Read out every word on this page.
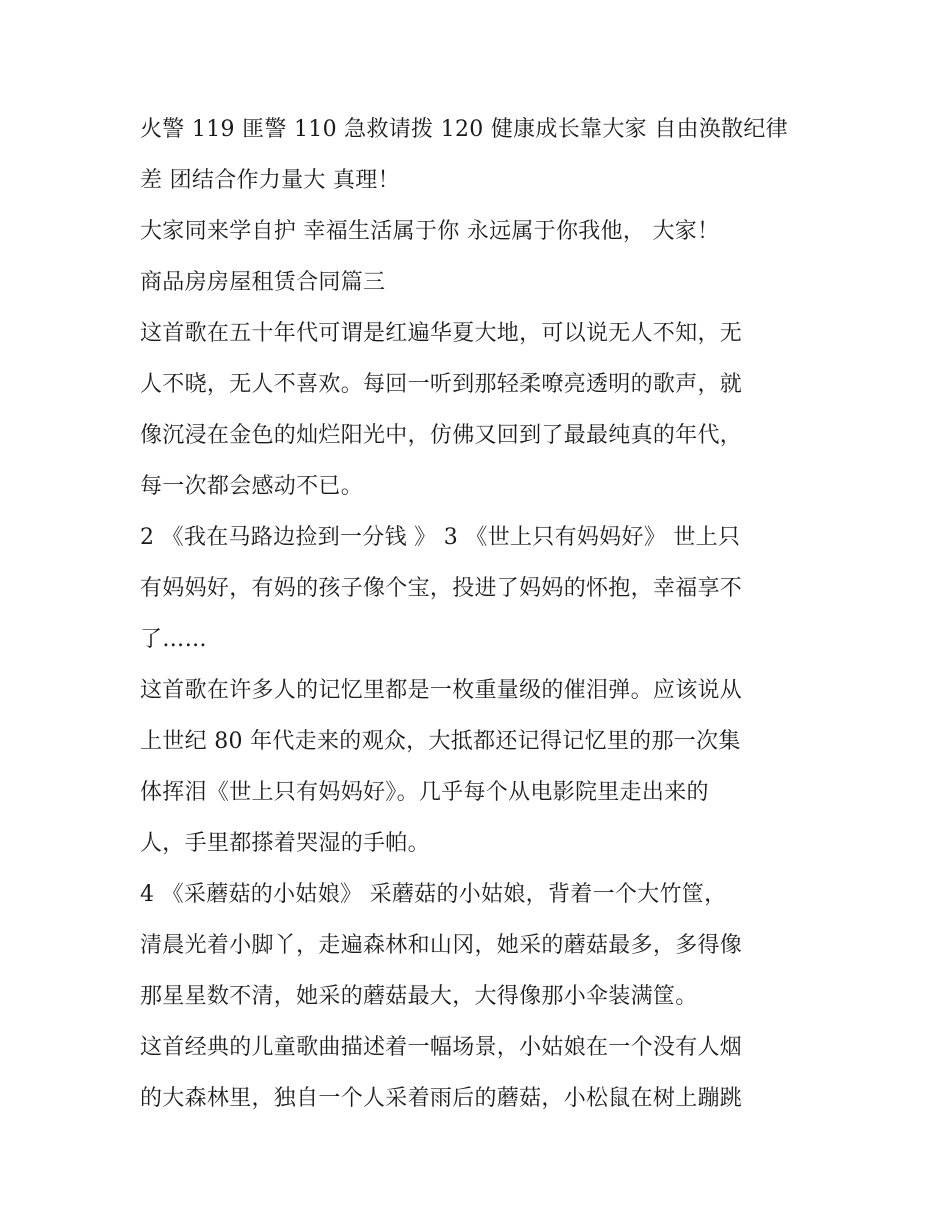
火警 119 匪警 110 急救请拨 120 健康成长靠大家 自由涣散纪律
差 团结合作力量大 真理！
大家同来学自护 幸福生活属于你 永远属于你我他， 大家！
商品房房屋租赁合同篇三
这首歌在五十年代可谓是红遍华夏大地，可以说无人不知，无
人不晓，无人不喜欢。每回一听到那轻柔嘹亮透明的歌声，就
像沉浸在金色的灿烂阳光中，仿佛又回到了最最纯真的年代，
每一次都会感动不已。
2 《我在马路边捡到一分钱 》 3 《世上只有妈妈好》 世上只
有妈妈好，有妈的孩子像个宝，投进了妈妈的怀抱，幸福享不
了……
这首歌在许多人的记忆里都是一枚重量级的催泪弹。应该说从
上世纪 80 年代走来的观众，大抵都还记得记忆里的那一次集
体挥泪《世上只有妈妈好》。几乎每个从电影院里走出来的
人，手里都搽着哭湿的手帕。
4 《采蘑菇的小姑娘》 采蘑菇的小姑娘，背着一个大竹筐，
清晨光着小脚丫，走遍森林和山冈，她采的蘑菇最多，多得像
那星星数不清，她采的蘑菇最大，大得像那小伞装满筐。
这首经典的儿童歌曲描述着一幅场景，小姑娘在一个没有人烟
的大森林里，独自一个人采着雨后的蘑菇，小松鼠在树上蹦跳
